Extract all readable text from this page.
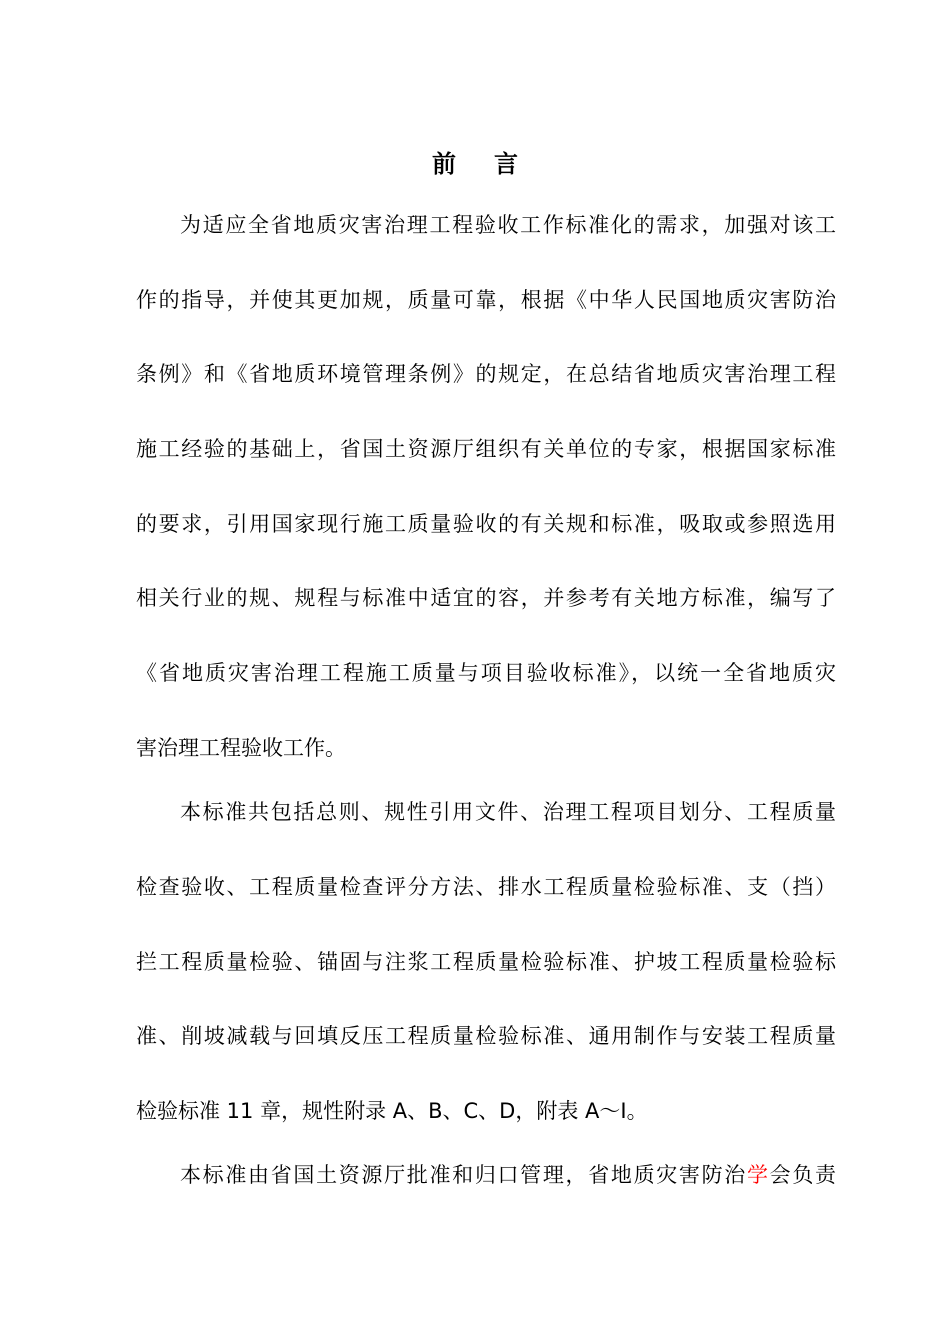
前言
为适应全省地质灾害治理工程验收工作标准化的需求，加强对该工
作的指导，并使其更加规，质量可靠，根据《中华人民国地质灾害防治
条例》和《省地质环境管理条例》的规定，在总结省地质灾害治理工程
施工经验的基础上，省国土资源厅组织有关单位的专家，根据国家标准
的要求，引用国家现行施工质量验收的有关规和标准，吸取或参照选用
相关行业的规、规程与标准中适宜的容，并参考有关地方标准，编写了
《省地质灾害治理工程施工质量与项目验收标准》，以统一全省地质灾
害治理工程验收工作。
本标准共包括总则、规性引用文件、治理工程项目划分、工程质量
检查验收、工程质量检查评分方法、排水工程质量检验标准、支（挡）
拦工程质量检验、锚固与注浆工程质量检验标准、护坡工程质量检验标
准、削坡减载与回填反压工程质量检验标准、通用制作与安装工程质量
检验标准 11 章，规性附录 A、B、C、D，附表 A～I。
本标准由省国土资源厅批准和归口管理，省地质灾害防治学会负责
